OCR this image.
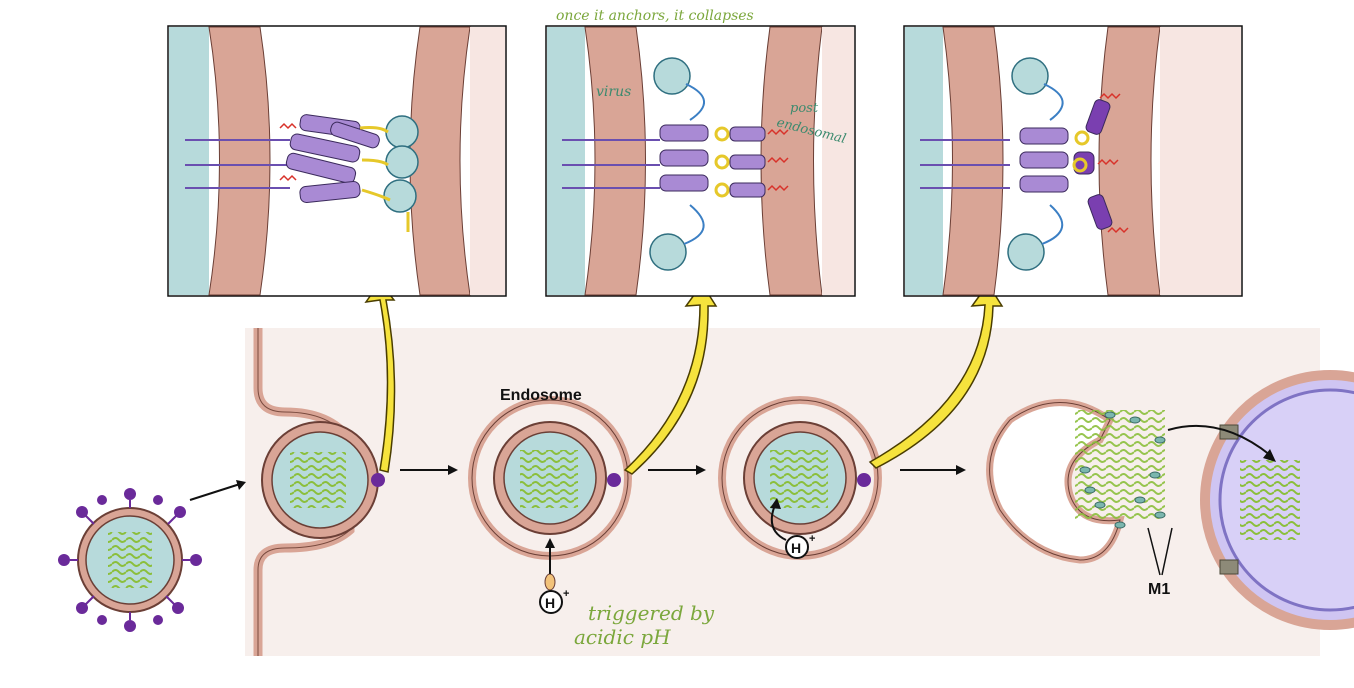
Endosome
H
+
H
+
M1
once it anchors, it collapses
virus
post
endosomal
triggered by
acidic pH
